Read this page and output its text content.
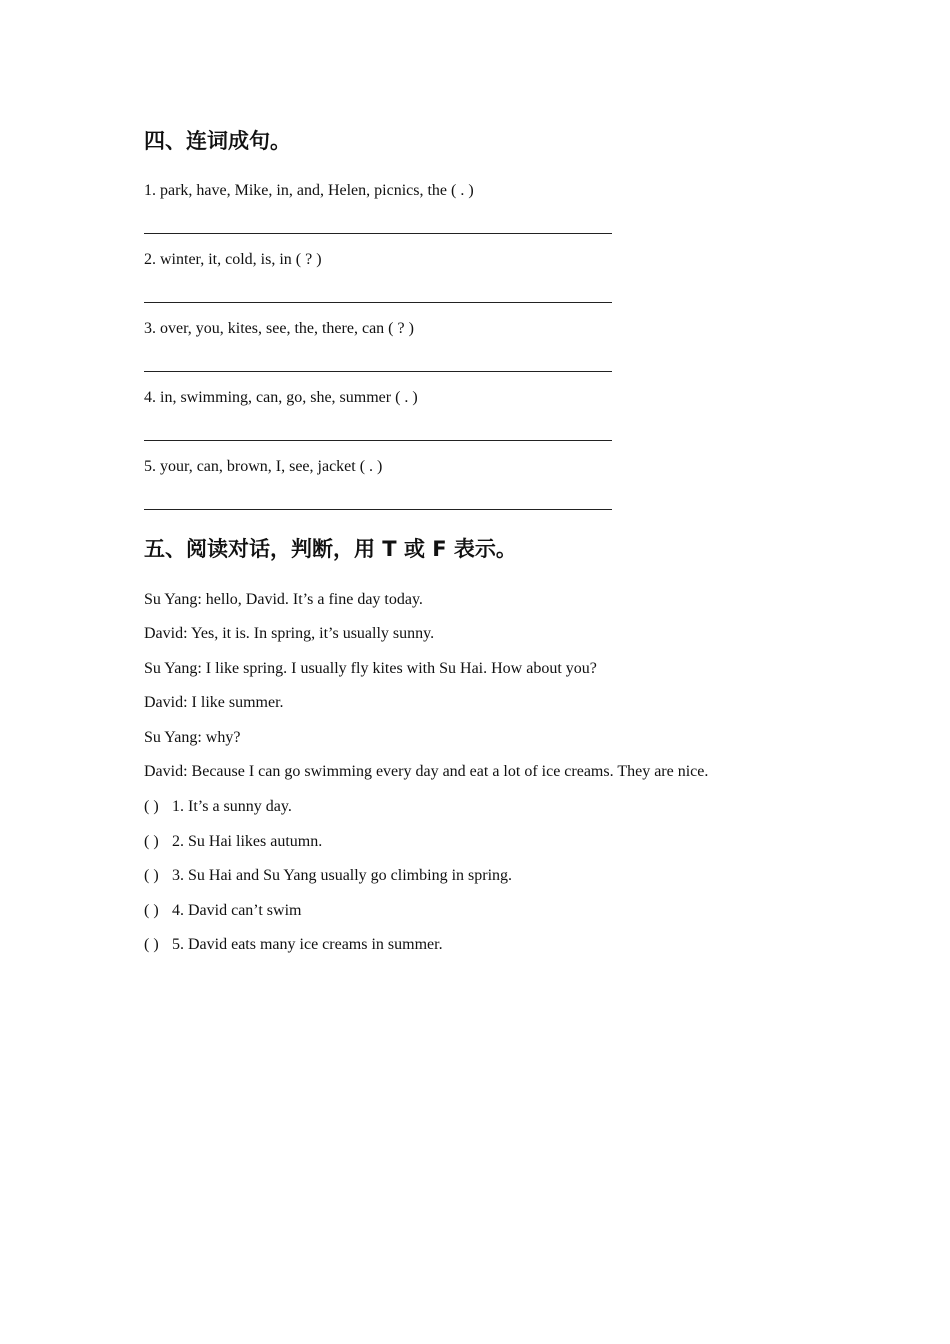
四、连词成句。
1. park, have, Mike, in, and, Helen, picnics, the ( . )
2. winter, it, cold, is, in ( ? )
3. over, you, kites, see, the, there, can ( ? )
4. in, swimming, can, go, she, summer ( . )
5. your, can, brown, I, see, jacket ( . )
五、阅读对话，判断，用 T 或 F 表示。
Su Yang: hello, David. It’s a fine day today.
David: Yes, it is. In spring, it’s usually sunny.
Su Yang: I like spring. I usually fly kites with Su Hai. How about you?
David: I like summer.
Su Yang: why?
David: Because I can go swimming every day and eat a lot of ice creams. They are nice.
( ) 1. It’s a sunny day.
( ) 2. Su Hai likes autumn.
( ) 3. Su Hai and Su Yang usually go climbing in spring.
( ) 4. David can’t swim
( ) 5. David eats many ice creams in summer.
